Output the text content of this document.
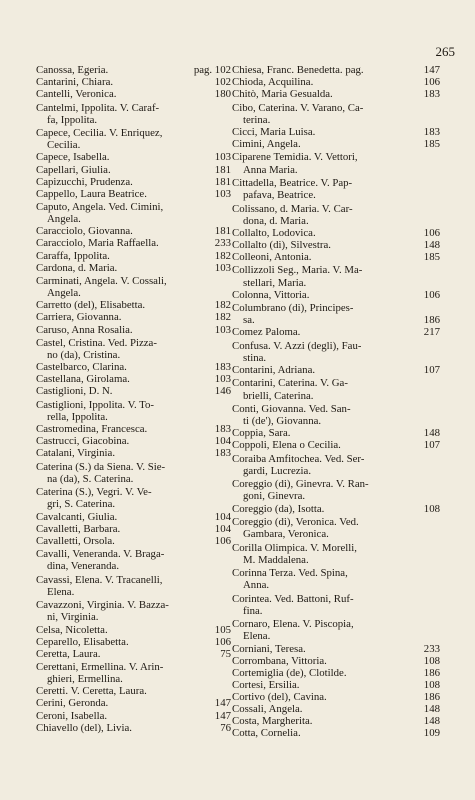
265
Canossa, Egeria.	pag. 102
Cantarini, Chiara.	102
Cantelli, Veronica.	180
Cantelmi, Ippolita. V. Caraf-
fa, Ippolita.
Capece, Cecilia. V. Enriquez,
Cecilia.
Capece, Isabella.	103
Capellari, Giulia.	181
Capizucchi, Prudenza.	181
Cappello, Laura Beatrice.	103
Caputo, Angela. Ved. Cimini,
Angela.
Caracciolo, Giovanna.	181
Caracciolo, Maria Raffaella.	233
Caraffa, Ippolita.	182
Cardona, d. Maria.	103
Carminati, Angela. V. Cossali,
Angela.
Carretto (del), Elisabetta.	182
Carriera, Giovanna.	182
Caruso, Anna Rosalia.	103
Castel, Cristina. Ved. Pizza-
no (da), Cristina.
Castelbarco, Clarina.	183
Castellana, Girolama.	103
Castiglioni, D. N.	146
Castiglioni, Ippolita. V. To-
rella, Ippolita.
Castromedina, Francesca.	183
Castrucci, Giacobina.	104
Catalani, Virginia.	183
Caterina (S.) da Siena. V. Sie-
na (da), S. Caterina.
Caterina (S.), Vegri. V. Ve-
gri, S. Caterina.
Cavalcanti, Giulia.	104
Cavalletti, Barbara.	104
Cavalletti, Orsola.	106
Cavalli, Veneranda. V. Braga-
dina, Veneranda.
Cavassi, Elena. V. Tracanelli,
Elena.
Cavazzoni, Virginia. V. Bazza-
ni, Virginia.
Celsa, Nicoletta.	105
Ceparello, Elisabetta.	106
Ceretta, Laura.	75
Cerettani, Ermellina. V. Arin-
ghieri, Ermellina.
Ceretti. V. Ceretta, Laura.
Cerini, Geronda.	147
Ceroni, Isabella.	147
Chiavello (del), Livia.	76
Chiesa, Franc. Benedetta. pag.	147
Chioda, Acquilina.	106
Chitò, Maria Gesualda.	183
Cibo, Caterina. V. Varano, Ca-
terina.
Cicci, Maria Luisa.	183
Cimini, Angela.	185
Ciparene Temidia. V. Vettori,
Anna Maria.
Cittadella, Beatrice. V. Pap-
pafava, Beatrice.
Colissano, d. Maria. V. Car-
dona, d. Maria.
Collalto, Lodovica.	106
Collalto (di), Silvestra.	148
Colleoni, Antonia.	185
Collizzoli Seg., Maria. V. Ma-
stellari, Maria.
Colonna, Vittoria.	106
Columbrano (di), Principes-
sa.	186
Comez Paloma.	217
Confusa. V. Azzi (degli), Fau-
stina.
Contarini, Adriana.	107
Contarini, Caterina. V. Ga-
brielli, Caterina.
Conti, Giovanna. Ved. San-
ti (de'), Giovanna.
Coppia, Sara.	148
Coppoli, Elena o Cecilia.	107
Coraiba Amfitochea. Ved. Ser-
gardi, Lucrezia.
Coreggio (di), Ginevra. V. Ran-
goni, Ginevra.
Coreggio (da), Isotta.	108
Coreggio (di), Veronica. Ved.
Gambara, Veronica.
Corilla Olimpica. V. Morelli,
M. Maddalena.
Corinna Terza. Ved. Spina,
Anna.
Corintea. Ved. Battoni, Ruf-
fina.
Cornaro, Elena. V. Piscopia,
Elena.
Corniani, Teresa.	233
Corrombana, Vittoria.	108
Cortemiglia (de), Clotilde.	186
Cortesi, Ersilia.	108
Cortivo (del), Cavina.	186
Cossali, Angela.	148
Costa, Margherita.	148
Cotta, Cornelia.	109
